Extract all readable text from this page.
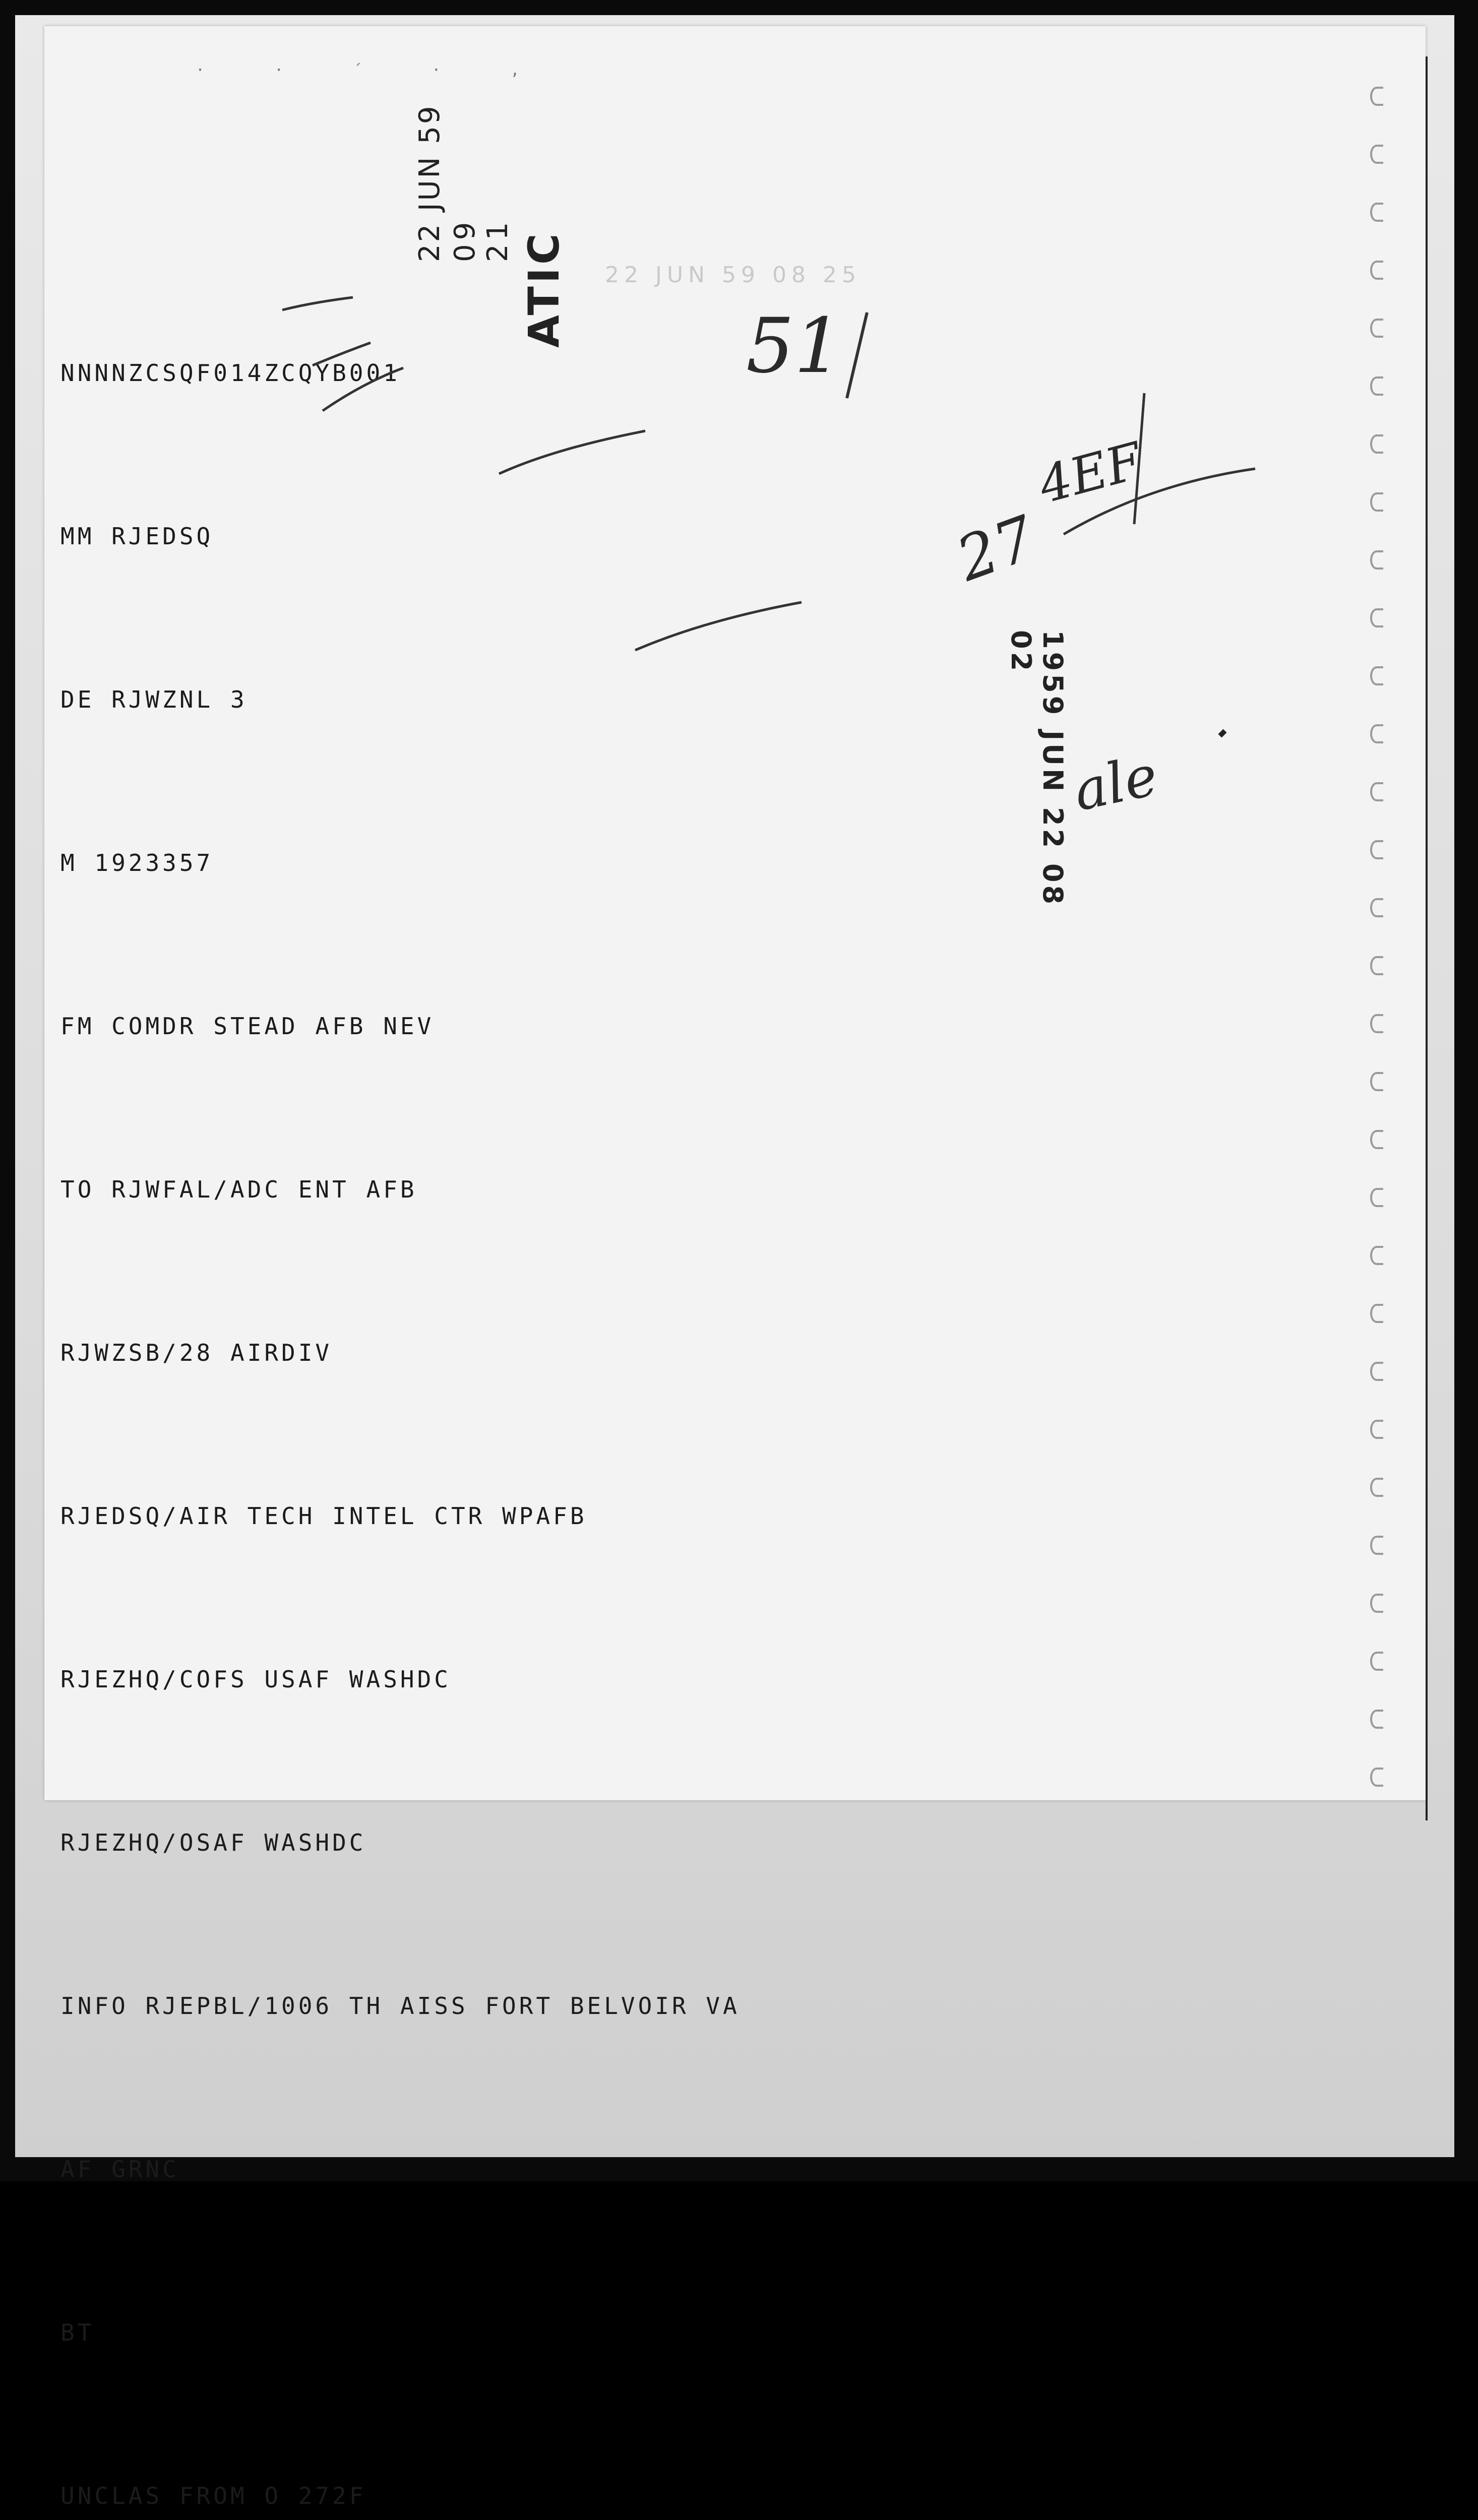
· · ´ · ,

NNNNZCSQF014ZCQYB001

MM RJEDSQ

DE RJWZNL 3

M 1923357

FM COMDR STEAD AFB NEV

TO RJWFAL/ADC ENT AFB

RJWZSB/28 AIRDIV

RJEDSQ/AIR TECH INTEL CTR WPAFB

RJEZHQ/COFS USAF WASHDC

RJEZHQ/OSAF WASHDC

INFO RJEPBL/1006 TH AISS FORT BELVOIR VA

AF GRNC

BT

UNCLAS FROM O 272F

22 JUN 59 09 21 ATIC 22 JUN 59 08 25
1959 JUN 22 08 02
51
27
4EF
ale
